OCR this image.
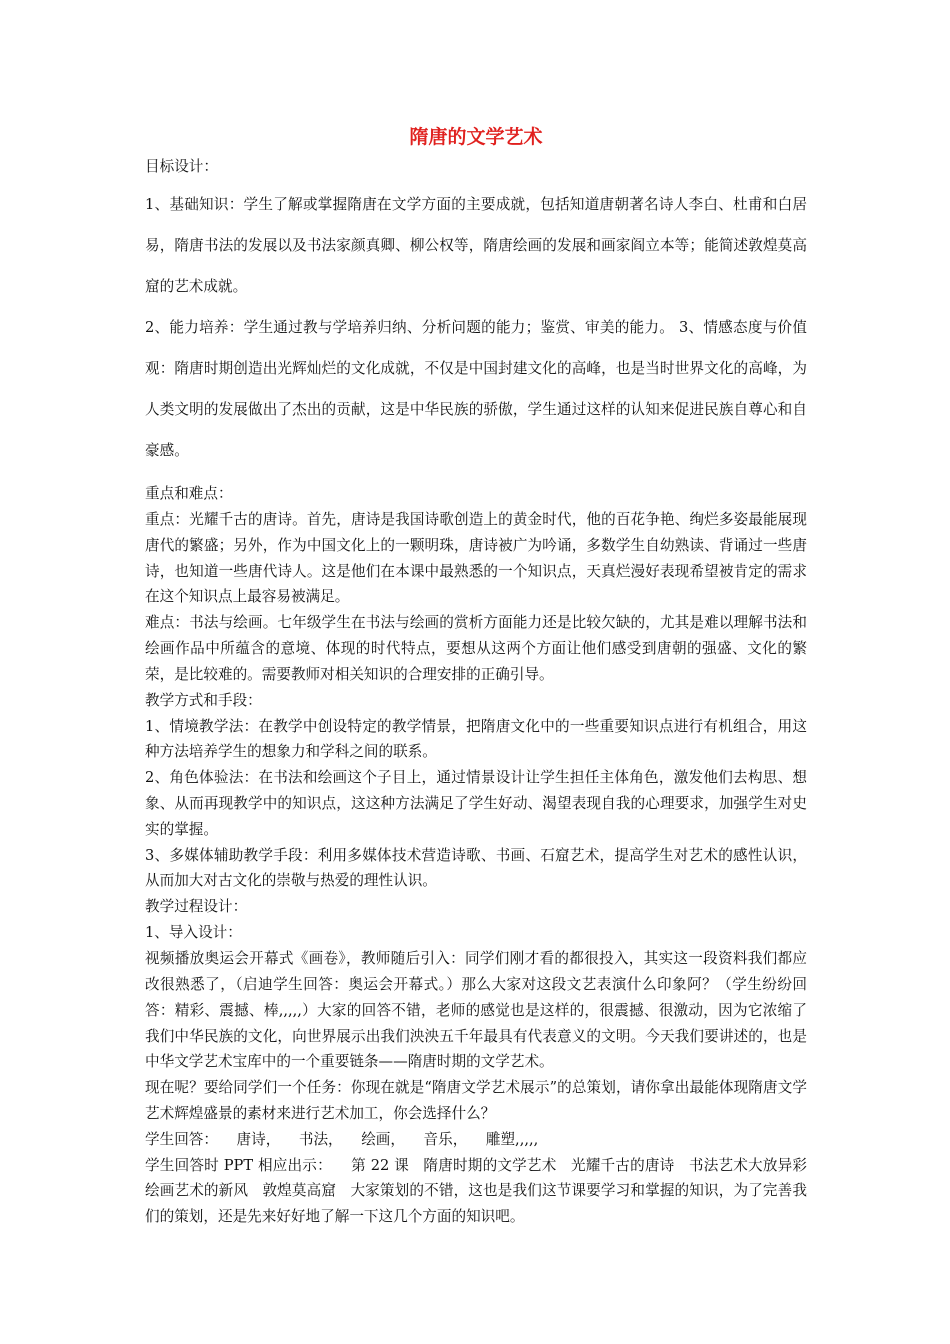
隋唐的文学艺术

目标设计：

1、基础知识：学生了解或掌握隋唐在文学方面的主要成就，包括知道唐朝著名诗人李白、杜甫和白居易，隋唐书法的发展以及书法家颜真卿、柳公权等，隋唐绘画的发展和画家阎立本等；能简述敦煌莫高窟的艺术成就。

2、能力培养：学生通过教与学培养归纳、分析问题的能力；鉴赏、审美的能力。 3、情感态度与价值观：隋唐时期创造出光辉灿烂的文化成就，不仅是中国封建文化的高峰，也是当时世界文化的高峰，为人类文明的发展做出了杰出的贡献，这是中华民族的骄傲，学生通过这样的认知来促进民族自尊心和自豪感。

重点和难点：

重点：光耀千古的唐诗。首先，唐诗是我国诗歌创造上的黄金时代，他的百花争艳、绚烂多姿最能展现唐代的繁盛；另外，作为中国文化上的一颗明珠，唐诗被广为吟诵，多数学生自幼熟读、背诵过一些唐诗，也知道一些唐代诗人。这是他们在本课中最熟悉的一个知识点，天真烂漫好表现希望被肯定的需求在这个知识点上最容易被满足。

难点：书法与绘画。七年级学生在书法与绘画的赏析方面能力还是比较欠缺的，尤其是难以理解书法和绘画作品中所蕴含的意境、体现的时代特点，要想从这两个方面让他们感受到唐朝的强盛、文化的繁荣，是比较难的。需要教师对相关知识的合理安排的正确引导。

教学方式和手段：

1、情境教学法：在教学中创设特定的教学情景，把隋唐文化中的一些重要知识点进行有机组合，用这种方法培养学生的想象力和学科之间的联系。

2、角色体验法：在书法和绘画这个子目上，通过情景设计让学生担任主体角色，激发他们去构思、想象、从而再现教学中的知识点，这这种方法满足了学生好动、渴望表现自我的心理要求，加强学生对史实的掌握。

3、多媒体辅助教学手段：利用多媒体技术营造诗歌、书画、石窟艺术，提高学生对艺术的感性认识，从而加大对古文化的崇敬与热爱的理性认识。

教学过程设计：

1、导入设计：

视频播放奥运会开幕式《画卷》，教师随后引入：同学们刚才看的都很投入，其实这一段资料我们都应改很熟悉了，（启迪学生回答：奥运会开幕式。）那么大家对这段文艺表演什么印象阿？（学生纷纷回答：精彩、震撼、棒,,,,,）大家的回答不错，老师的感觉也是这样的，很震撼、很激动，因为它浓缩了我们中华民族的文化，向世界展示出我们泱泱五千年最具有代表意义的文明。今天我们要讲述的，也是中华文学艺术宝库中的一个重要链条——隋唐时期的文学艺术。

现在呢？要给同学们一个任务：你现在就是“隋唐文学艺术展示”的总策划，请你拿出最能体现隋唐文学艺术辉煌盛景的素材来进行艺术加工，你会选择什么？

学生回答：    唐诗，    书法，    绘画，    音乐，    雕塑,,,,,

学生回答时 PPT 相应出示：    第 22 课   隋唐时期的文学艺术   光耀千古的唐诗   书法艺术大放异彩   绘画艺术的新风   敦煌莫高窟   大家策划的不错，这也是我们这节课要学习和掌握的知识，为了完善我们的策划，还是先来好好地了解一下这几个方面的知识吧。
